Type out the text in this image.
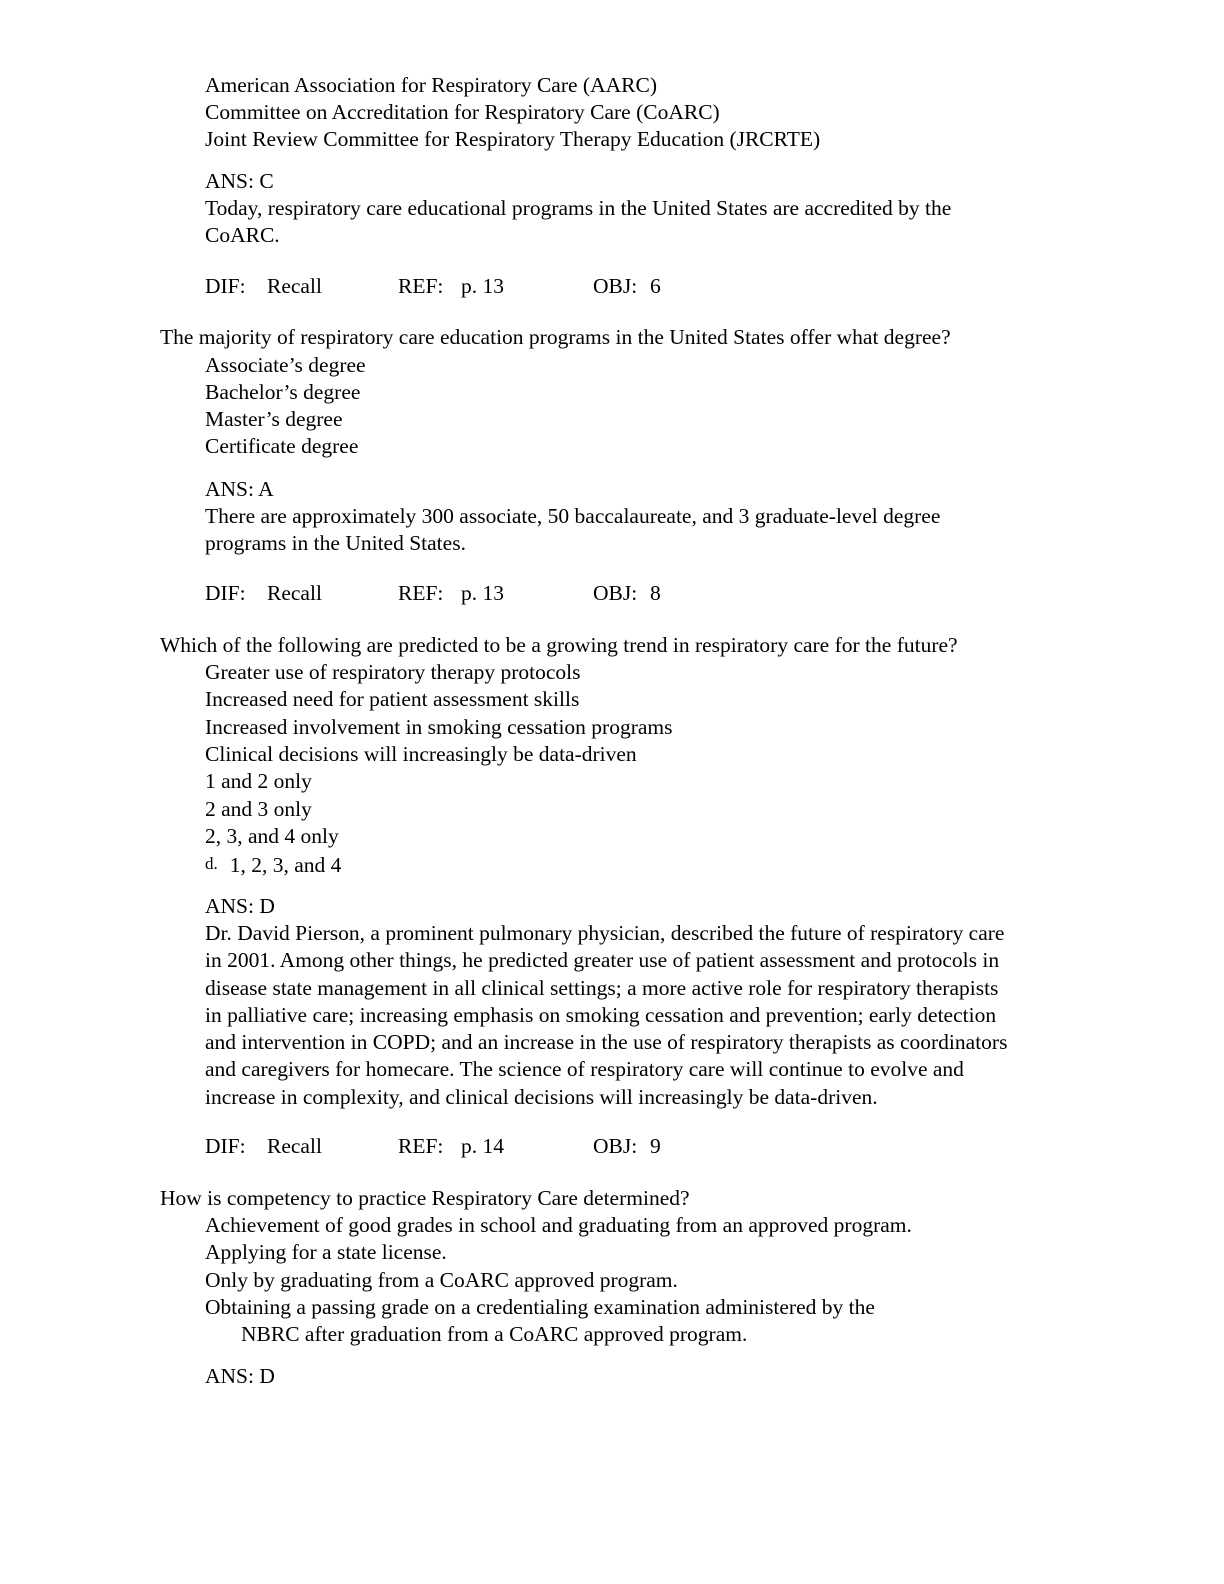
American Association for Respiratory Care (AARC)
Committee on Accreditation for Respiratory Care (CoARC)
Joint Review Committee for Respiratory Therapy Education (JRCRTE)
ANS: C
Today, respiratory care educational programs in the United States are accredited by the
CoARC.
DIF: Recall	REF: p. 13	OBJ: 6
The majority of respiratory care education programs in the United States offer what degree?
Associate’s degree
Bachelor’s degree
Master’s degree
Certificate degree
ANS: A
There are approximately 300 associate, 50 baccalaureate, and 3 graduate-level degree
programs in the United States.
DIF: Recall	REF: p. 13	OBJ: 8
Which of the following are predicted to be a growing trend in respiratory care for the future?
Greater use of respiratory therapy protocols
Increased need for patient assessment skills
Increased involvement in smoking cessation programs
Clinical decisions will increasingly be data-driven
1 and 2 only
2 and 3 only
2, 3, and 4 only
d. 1, 2, 3, and 4
ANS: D
Dr. David Pierson, a prominent pulmonary physician, described the future of respiratory care
in 2001. Among other things, he predicted greater use of patient assessment and protocols in
disease state management in all clinical settings; a more active role for respiratory therapists
in palliative care; increasing emphasis on smoking cessation and prevention; early detection
and intervention in COPD; and an increase in the use of respiratory therapists as coordinators
and caregivers for homecare. The science of respiratory care will continue to evolve and
increase in complexity, and clinical decisions will increasingly be data-driven.
DIF: Recall	REF: p. 14	OBJ: 9
How is competency to practice Respiratory Care determined?
Achievement of good grades in school and graduating from an approved program.
Applying for a state license.
Only by graduating from a CoARC approved program.
Obtaining a passing grade on a credentialing examination administered by the
NBRC after graduation from a CoARC approved program.
ANS: D
